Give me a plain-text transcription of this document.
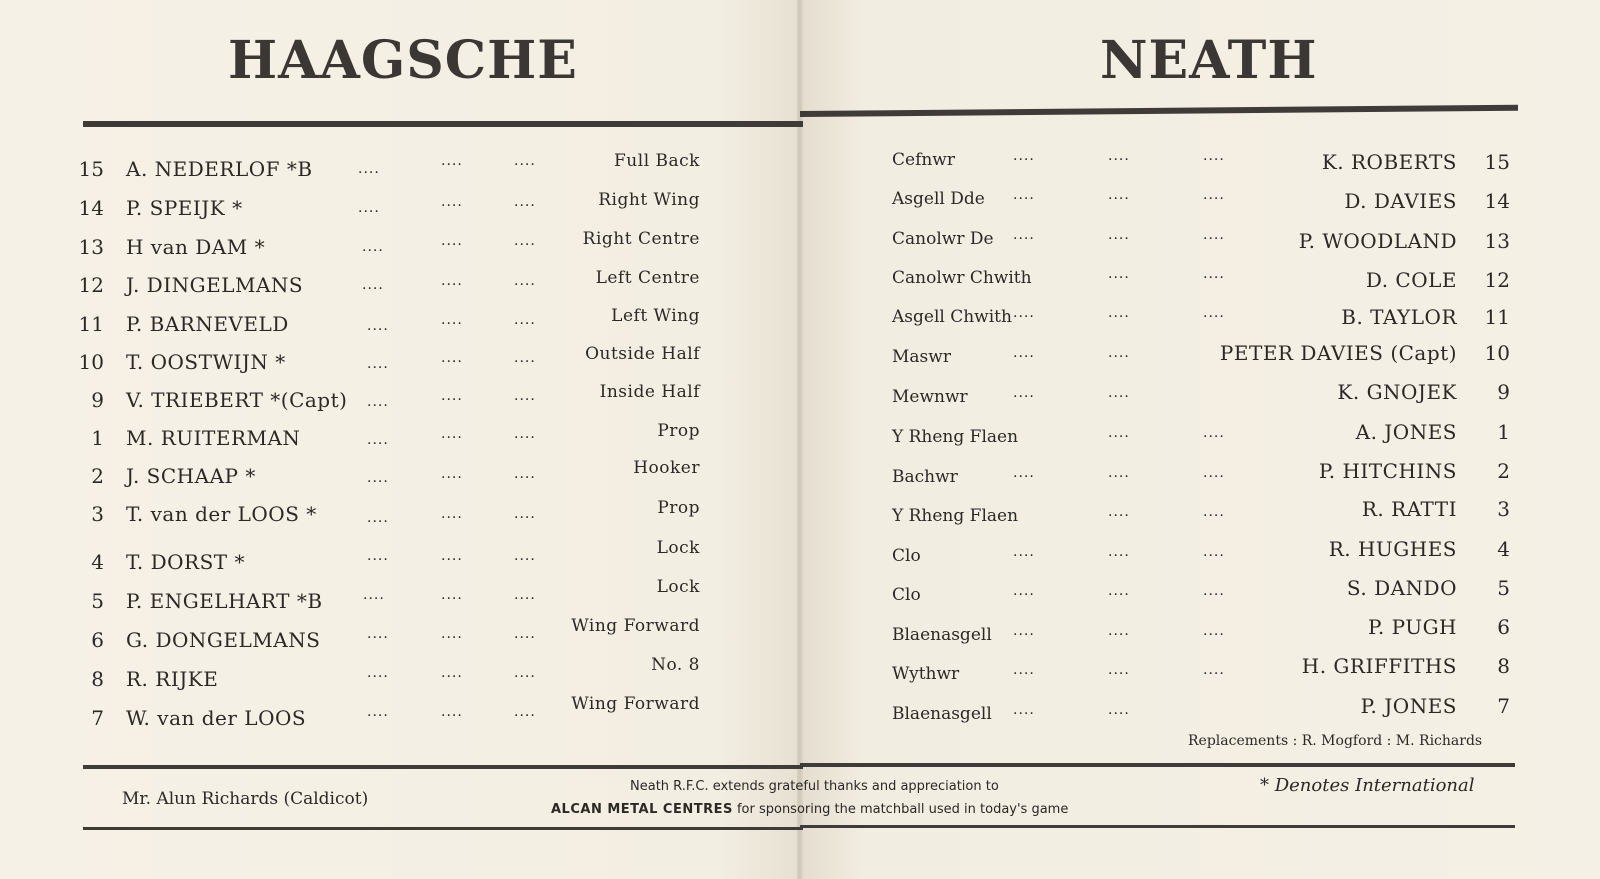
HAAGSCHE	NEATH
15 A. NEDERLOF *B	....	....	....	Full Back
14 P. SPEIJK *	....	....	....	Right Wing
13 H van DAM *	....	....	....	Right Centre
12 J. DINGELMANS	....	....	....	Left Centre
11 P. BARNEVELD	....	....	....	Left Wing
10 T. OOSTWIJN *	....	....	....	Outside Half
9 V. TRIEBERT *(Capt) ....	....	....	Inside Half
1 M. RUITERMAN	....	....	....	Prop
2 J. SCHAAP *	....	....	....	Hooker
3 T. van der LOOS *	....	....	....	Prop
4 T. DORST *	....	....	....	Lock
5 P. ENGELHART *B	....	....	....	Lock
6 G. DONGELMANS	....	....	....	Wing Forward
8 R. RIJKE	....	....	....	No. 8
7 W. van der LOOS	....	....	....	Wing Forward
Cefnwr	....	....	....	K. ROBERTS	15
Asgell Dde ....	....	....	D. DAVIES	14
Canolwr De ....	....	....	P. WOODLAND	13
Canolwr Chwith	....	....	D. COLE	12
Asgell Chwith ....	....	....	B. TAYLOR	11
Maswr	....	....	PETER DAVIES (Capt)	10
Mewnwr	....	....	K. GNOJEK	9
Y Rheng Flaen	....	....	A. JONES	1
Bachwr	....	....	....	P. HITCHINS	2
Y Rheng Flaen	....	....	R. RATTI	3
Clo	....	....	....	R. HUGHES	4
Clo	....	....	....	S. DANDO	5
Blaenasgell ....	....	....	P. PUGH	6
Wythwr	....	....	....	H. GRIFFITHS	8
Blaenasgell ....	....	P. JONES	7
Replacements : R. Mogford : M. Richards
Mr. Alun Richards (Caldicot)
Neath R.F.C. extends grateful thanks and appreciation to
ALCAN METAL CENTRES for sponsoring the matchball used in today's game
* Denotes International
